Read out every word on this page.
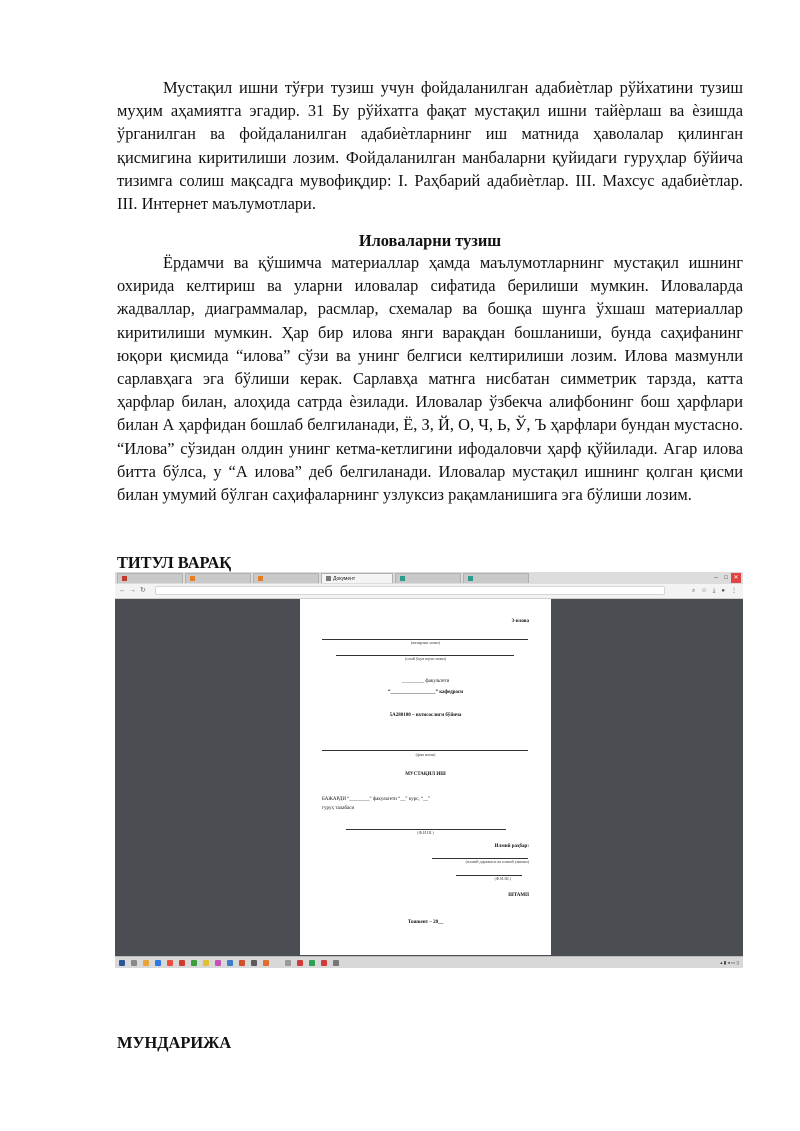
Мустақил ишни тўғри тузиш учун фойдаланилган адабиѐтлар рўйхатини тузиш муҳим аҳамиятга эгадир. 31 Бу рўйхатга фақат мустақил ишни тайѐрлаш ва ѐзишда ўрганилган ва фойдаланилган адабиѐтларнинг иш матнида ҳаволалар қилинган қисмигина киритилиши лозим. Фойдаланилган манбаларни қуйидаги гуруҳлар бўйича тизимга солиш мақсадга мувофиқдир: I. Раҳбарий адабиѐтлар. III. Махсус адабиѐтлар. III. Интернет маълумотлари.

Иловаларни тузиш

Ёрдамчи ва қўшимча материаллар ҳамда маълумотларнинг мустақил ишнинг охирида келтириш ва уларни иловалар сифатида берилиши мумкин. Иловаларда жадваллар, диаграммалар, расмлар, схемалар ва бошқа шунга ўхшаш материаллар киритилиши мумкин. Ҳар бир илова янги варақдан бошланиши, бунда саҳифанинг юқори қисмида “илова” сўзи ва унинг белгиси келтирилиши лозим. Илова мазмунли сарлавҳага эга бўлиши керак. Сарлавҳа матнга нисбатан симметрик тарзда, катта ҳарфлар билан, алоҳида сатрда ѐзилади. Иловалар ўзбекча алифбонинг бош ҳарфлари билан А ҳарфидан бошлаб белгиланади, Ё, З, Й, О, Ч, Ь, Ў, Ъ ҳарфлари бундан мустасно. “Илова” сўзидан олдин унинг кетма-кетлигини ифодаловчи ҳарф қўйилади. Агар илова битта бўлса, у “А илова” деб белгиланади. Иловалар мустақил ишнинг қолган қисми билан умумий бўлган саҳифаларнинг узлуксиз рақамланишига эга бўлиши лозим.

ТИТУЛ ВАРАҚ

Документ	– □ ✕
← → ↻	⌕ ☆ ⤓ ● ⋮
3-илова
(вазирлик номи)
(олий ўқув юрти номи)
_________ факультети
“__________________” кафедраси
5А280100 – ихтисослиги бўйича
(фан номи)
МУСТАҚИЛ ИШ
БАЖАРДИ “________” факультети “__” курс, “__”
гуруҳ талабаси
(Ф.И.Ш.)
Илмий раҳбар:
(илмий даражаси ва илмий унвони)
(Ф.И.Ш.)
ШТАМП
Тошкент – 20__
▴ ▮ ◂ ▭ ▯

МУНДАРИЖА
